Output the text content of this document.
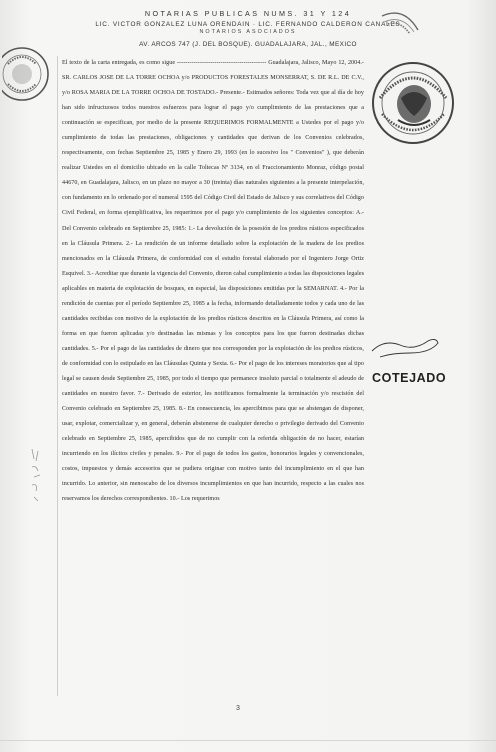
NOTARIAS PUBLICAS NUMS. 31 Y 124
LIC. VICTOR GONZALEZ LUNA ORENDAIN · LIC. FERNANDO CALDERON CANALES
NOTARIOS ASOCIADOS
AV. ARCOS 747 (J. DEL BOSQUE). GUADALAJARA, JAL., MEXICO

El texto de la carta entregada, es como sigue ------------------------------------------- Guadalajara, Jalisco, Mayo 12, 2004.- SR. CARLOS JOSE DE LA TORRE OCHOA y/o PRODUCTOS FORESTALES MONSERRAT, S. DE R.L. DE C.V., y/o ROSA MARIA DE LA TORRE OCHOA DE TOSTADO.- Presente.- Estimados señores: Toda vez que al día de hoy han sido infructuosos todos nuestros esfuerzos para lograr el pago y/o cumplimiento de las prestaciones que a continuación se especifican, por medio de la presente REQUERIMOS FORMALMENTE a Ustedes por el pago y/o cumplimiento de todas las prestaciones, obligaciones y cantidades que derivan de los Convenios celebrados, respectivamente, con fechas Septiembre 25, 1985 y Enero 29, 1993 (en lo sucesivo los " Convenios" ), que deberán realizar Ustedes en el domicilio ubicado en la calle Toltecas Nº 3134, en el Fraccionamiento Monraz, código postal 44670, en Guadalajara, Jalisco, en un plazo no mayor a 30 (treinta) días naturales siguientes a la presente interpelación, con fundamento en lo ordenado por el numeral 1595 del Código Civil del Estado de Jalisco y sus correlativos del Código Civil Federal, en forma ejemplificativa, les requerimos por el pago y/o cumplimiento de los siguientes conceptos: A.- Del Convenio celebrado en Septiembre 25, 1985: 1.- La devolución de la posesión de los predios rústicos especificados en la Cláusula Primera. 2.- La rendición de un informe detallado sobre la explotación de la madera de los predios mencionados en la Cláusula Primera, de conformidad con el estudio forestal elaborado por el Ingeniero Jorge Ortiz Esquivel. 3.- Acreditar que durante la vigencia del Convenio, dieron cabal cumplimiento a todas las disposiciones legales aplicables en materia de explotación de bosques, en especial, las disposiciones emitidas por la SEMARNAT. 4.- Por la rendición de cuentas por el período Septiembre 25, 1985 a la fecha, informando detalladamente todos y cada uno de las cantidades recibidas con motivo de la explotación de los predios rústicos descritos en la Cláusula Primera, así como la forma en que fueron aplicadas y/o destinadas las mismas y los conceptos para los que fueron destinadas dichas cantidades. 5.- Por el pago de las cantidades de dinero que nos corresponden por la explotación de los predios rústicos, de conformidad con lo estipulado en las Cláusulas Quinta y Sexta. 6.- Por el pago de los intereses moratorios que al tipo legal se causen desde Septiembre 25, 1985, por todo el tiempo que permanece insoluto parcial o totalmente el adeudo de cantidades en nuestro favor. 7.- Derivado de esterior, les notificamos formalmente la terminación y/o rescisión del Convenio celebrado en Septiembre 25, 1985. 8.- En consecuencia, les apercibimos para que se abstengan de disponer, usar, explotar, comercializar y, en general, deberán abstenerse de cualquier derecho o privilegio derivado del Convenio celebrado en Septiembre 25, 1985, apercibidos que de no cumplir con la referida obligación de no hacer, estarían incurriendo en los ilícitos civiles y penales. 9.- Por el pago de todos los gastos, honorarios legales y convencionales, costos, impuestos y demás accesorios que se pudiera originar con motivo tanto del incumplimiento en el que han incurrido. Lo anterior, sin menoscabo de los diversos incumplimientos en que han incurrido, respecto a las cuales nos reservamos los derechos correspondientes. 10.- Los requerimos

COTEJADO
3
